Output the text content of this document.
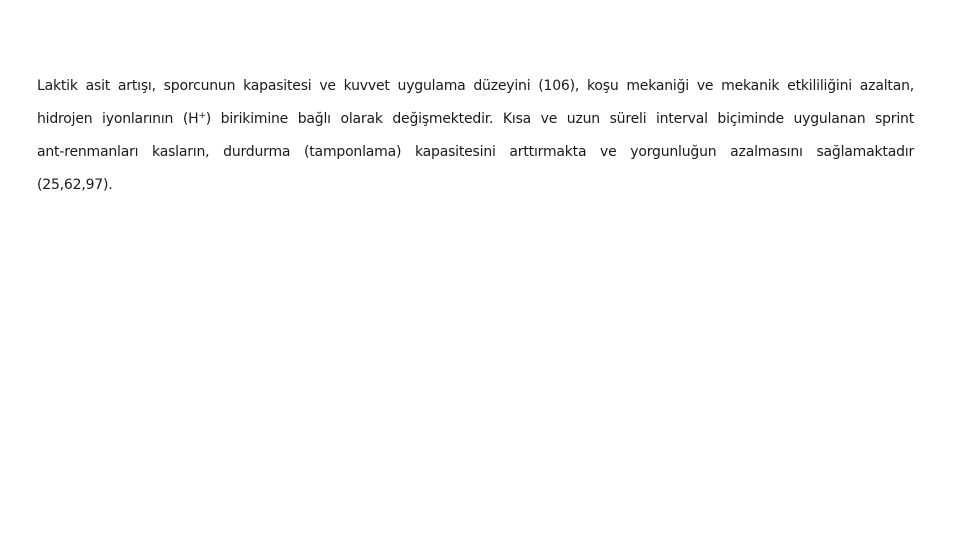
Laktik asit artışı, sporcunun kapasitesi ve kuvvet uygulama düzeyini (106), koşu mekaniği ve mekanik etkililiğini azaltan,
hidrojen iyonlarının (H+) birikimine bağlı olarak değişmektedir. Kısa ve uzun süreli interval biçiminde uygulanan sprint
ant-renmanları kasların, durdurma (tamponlama) kapasitesini arttırmakta ve yorgunluğun azalmasını sağlamaktadır
(25,62,97).
